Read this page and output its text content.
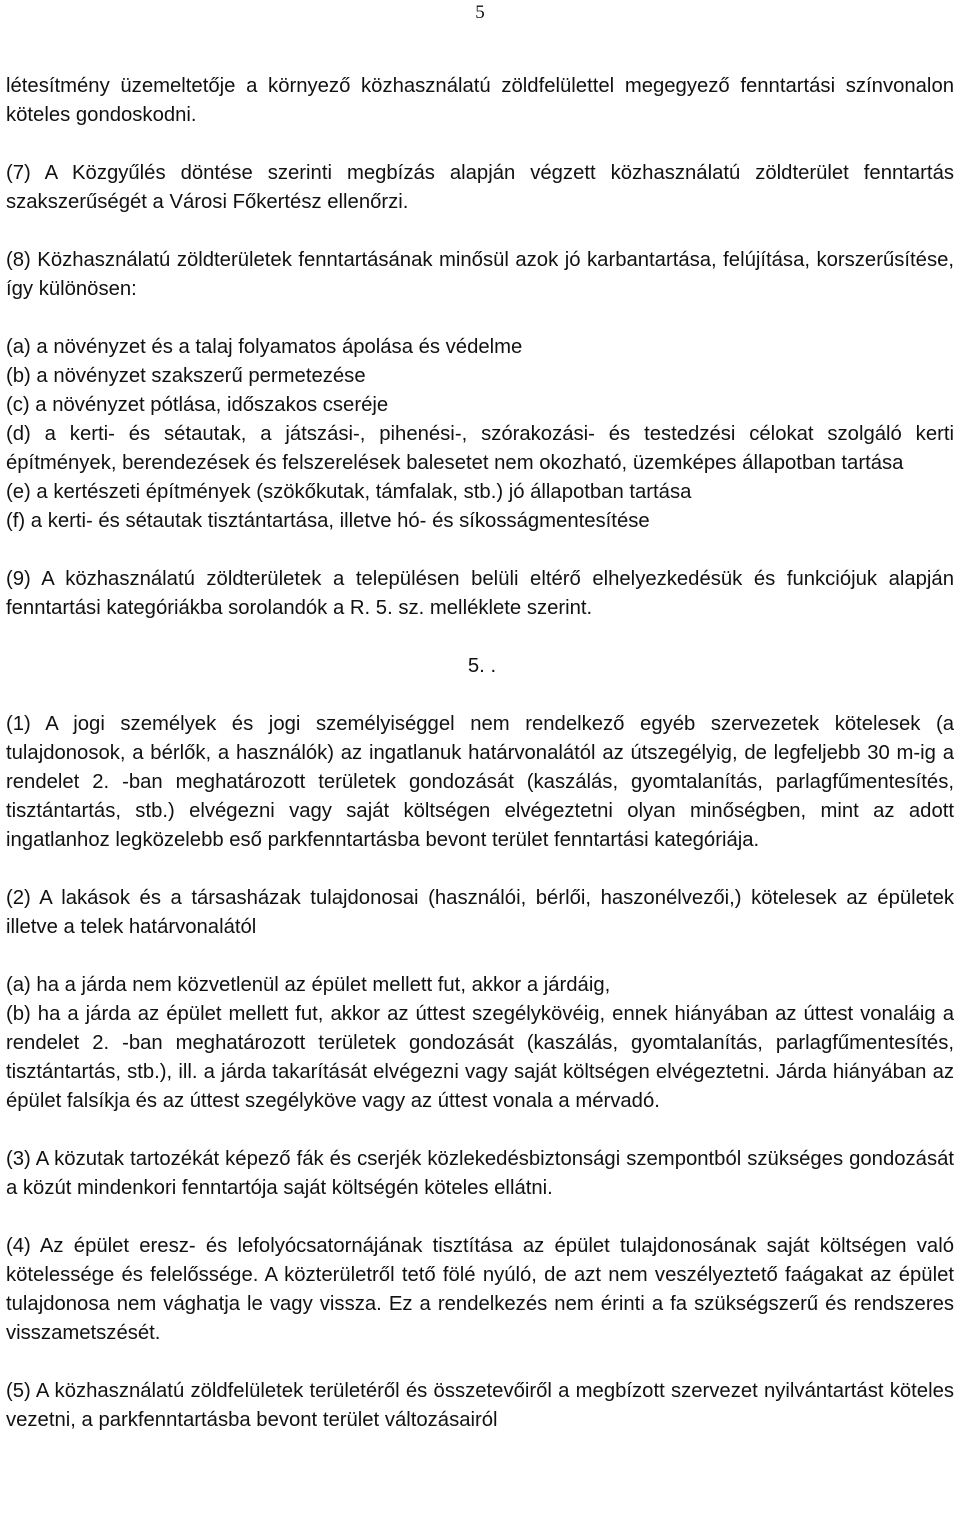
5

létesítmény üzemeltetője a környező közhasználatú zöldfelülettel megegyező fenntartási színvonalon köteles gondoskodni.

(7) A Közgyűlés döntése szerinti megbízás alapján végzett közhasználatú zöldterület fenntartás szakszerűségét a Városi Főkertész ellenőrzi.

(8) Közhasználatú zöldterületek fenntartásának minősül azok jó karbantartása, felújítása, korszerűsítése, így különösen:

(a) a növényzet és a talaj folyamatos ápolása és védelme

(b) a növényzet szakszerű permetezése

(c) a növényzet pótlása, időszakos cseréje

(d) a kerti- és sétautak, a játszási-, pihenési-, szórakozási- és testedzési célokat szolgáló kerti építmények, berendezések és felszerelések balesetet nem okozható, üzemképes állapotban tartása

(e) a kertészeti építmények (szökőkutak, támfalak, stb.) jó állapotban tartása

(f) a kerti- és sétautak tisztántartása, illetve hó- és síkosságmentesítése

(9) A közhasználatú zöldterületek a településen belüli eltérő elhelyezkedésük és funkciójuk alapján fenntartási kategóriákba sorolandók a R. 5. sz. melléklete szerint.

5. .

(1) A jogi személyek és jogi személyiséggel nem rendelkező egyéb szervezetek kötelesek (a tulajdonosok, a bérlők, a használók) az ingatlanuk határvonalától az útszegélyig, de legfeljebb 30 m-ig a rendelet 2. -ban meghatározott területek gondozását (kaszálás, gyomtalanítás, parlagfűmentesítés, tisztántartás, stb.) elvégezni vagy saját költségen elvégeztetni olyan minőségben, mint az adott ingatlanhoz legközelebb eső parkfenntartásba bevont terület fenntartási kategóriája.

(2) A lakások és a társasházak tulajdonosai (használói, bérlői, haszonélvezői,) kötelesek az épületek illetve a telek határvonalától

(a) ha a járda nem közvetlenül az épület mellett fut, akkor a járdáig,

(b) ha a járda az épület mellett fut, akkor az úttest szegélykövéig, ennek hiányában az úttest vonaláig a rendelet 2. -ban meghatározott területek gondozását (kaszálás, gyomtalanítás, parlagfűmentesítés, tisztántartás, stb.), ill. a járda takarítását elvégezni vagy saját költségen elvégeztetni. Járda hiányában az épület falsíkja és az úttest szegélyköve vagy az úttest vonala a mérvadó.

(3) A közutak tartozékát képező fák és cserjék közlekedésbiztonsági szempontból szükséges gondozását a közút mindenkori fenntartója saját költségén köteles ellátni.

(4) Az épület eresz- és lefolyócsatornájának tisztítása az épület tulajdonosának saját költségen való kötelessége és felelőssége. A közterületről tető fölé nyúló, de azt nem veszélyeztető faágakat az épület tulajdonosa nem vághatja le vagy vissza. Ez a rendelkezés nem érinti a fa szükségszerű és rendszeres visszametszését.

(5) A közhasználatú zöldfelületek területéről és összetevőiről a megbízott szervezet nyilvántartást köteles vezetni, a parkfenntartásba bevont terület változásairól
